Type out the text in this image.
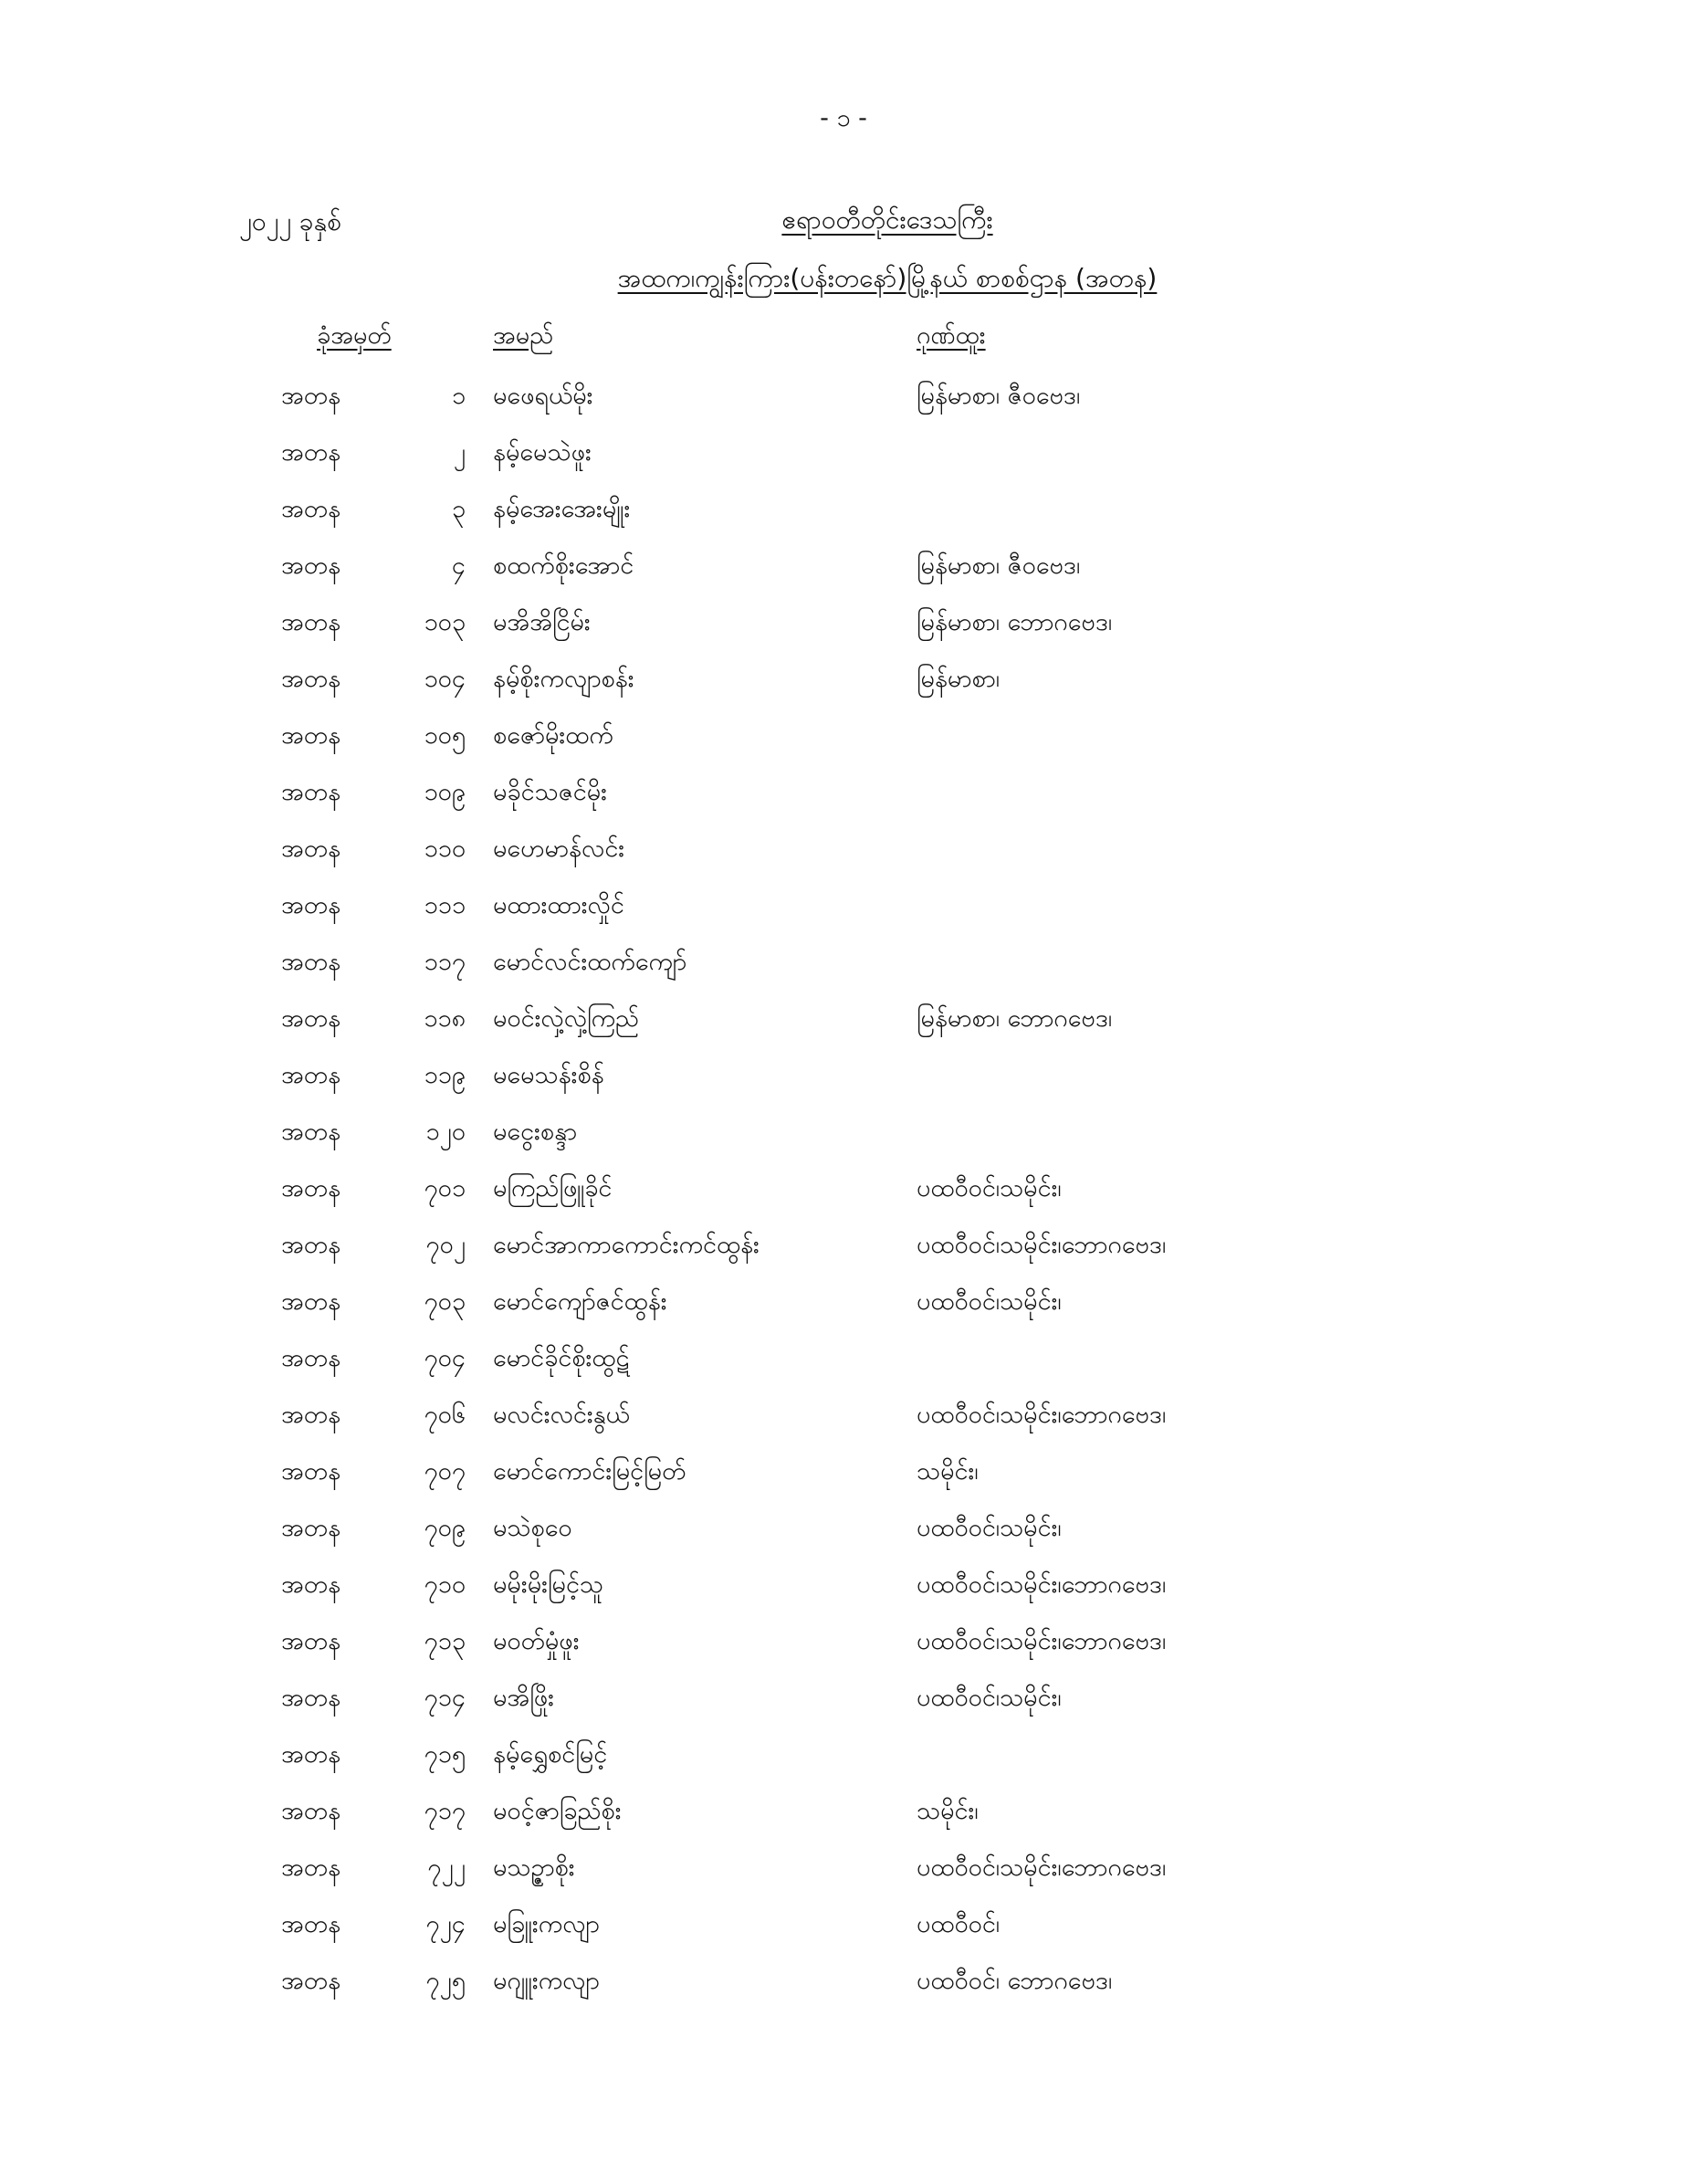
- ၁ -
၂၀၂၂ ခုနှစ်	ဧရာဝတီတိုင်းဒေသကြီး
အထက၊ကျွန်းကြား(ပန်းတနော်)မြို့နယ် စာစစ်ဌာန (အတန)
ခုံအမှတ်	အမည်	ဂုဏ်ထူး
အတန	၁ မဖေရယ်မိုး	မြန်မာစာ၊ ဇီဝဗေဒ၊
အတန	၂ နမ့်မေသဲဖူး
အတန	၃ နမ့်အေးအေးမျိုး
အတန	၄ စထက်စိုးအောင်	မြန်မာစာ၊ ဇီဝဗေဒ၊
အတန	၁၀၃ မအိအိငြိမ်း	မြန်မာစာ၊ ဘောဂဗေဒ၊
အတန	၁၀၄ နမ့်စိုးကလျာစန်း	မြန်မာစာ၊
အတန	၁၀၅ စဇော်မိုးထက်
အတန	၁၀၉ မခိုင်သဇင်မိုး
အတန	၁၁၀ မဟေမာန်လင်း
အတန	၁၁၁ မထားထားလှိုင်
အတန	၁၁၇ မောင်လင်းထက်ကျော်
အတန	၁၁၈ မဝင်းလှဲ့လှဲ့ကြည်	မြန်မာစာ၊ ဘောဂဗေဒ၊
အတန	၁၁၉ မမေသန်းစိန်
အတန	၁၂၀ မငွေးစန္ဒာ
အတန	၇၀၁ မကြည်ဖြူခိုင်	ပထဝီဝင်၊သမိုင်း၊
အတန	၇၀၂ မောင်အာကာကောင်းကင်ထွန်း	ပထဝီဝင်၊သမိုင်း၊ဘောဂဗေဒ၊
အတန	၇၀၃ မောင်ကျော်ဇင်ထွန်း	ပထဝီဝင်၊သမိုင်း၊
အတန	၇၀၄ မောင်ခိုင်စိုးထွဋ်
အတန	၇၀၆ မလင်းလင်းနွယ်	ပထဝီဝင်၊သမိုင်း၊ဘောဂဗေဒ၊
အတန	၇၀၇ မောင်ကောင်းမြင့်မြတ်	သမိုင်း၊
အတန	၇၀၉ မသဲစုဝေ	ပထဝီဝင်၊သမိုင်း၊
အတန	၇၁၀ မမိုးမိုးမြင့်သူ	ပထဝီဝင်၊သမိုင်း၊ဘောဂဗေဒ၊
အတန	၇၁၃ မဝတ်မှုံဖူး	ပထဝီဝင်၊သမိုင်း၊ဘောဂဗေဒ၊
အတန	၇၁၄ မအိဖြိုး	ပထဝီဝင်၊သမိုင်း၊
အတန	၇၁၅ နမ့်ရွှေစင်မြင့်
အတန	၇၁၇ မဝင့်ဇာခြည်စိုး	သမိုင်း၊
အတန	၇၂၂ မသဉ္ဇာစိုး	ပထဝီဝင်၊သမိုင်း၊ဘောဂဗေဒ၊
အတန	၇၂၄ မခြူးကလျာ	ပထဝီဝင်၊
အတန	၇၂၅ မဂျူးကလျာ	ပထဝီဝင်၊ ဘောဂဗေဒ၊
